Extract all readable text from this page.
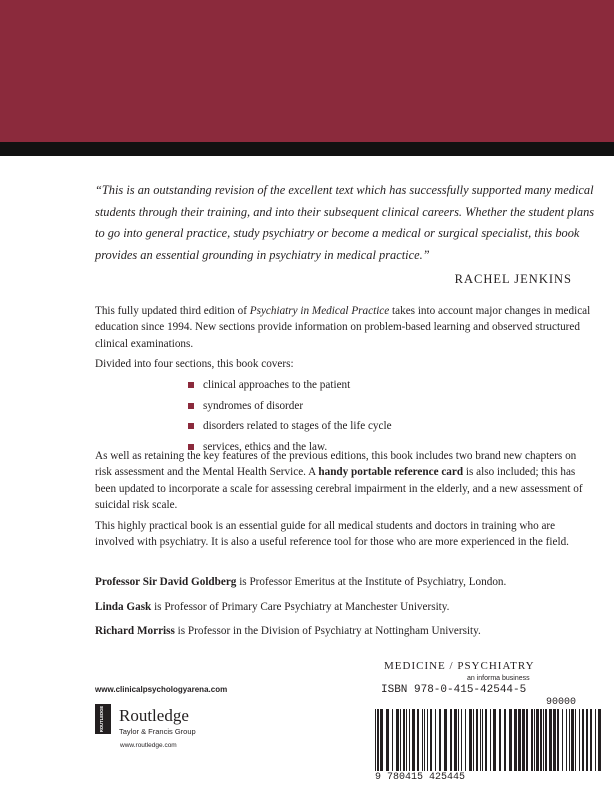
“This is an outstanding revision of the excellent text which has successfully supported many medical students through their training, and into their subsequent clinical careers. Whether the student plans to go into general practice, study psychiatry or become a medical or surgical specialist, this book provides an essential grounding in psychiatry in medical practice.”
RACHEL JENKINS

This fully updated third edition of Psychiatry in Medical Practice takes into account major changes in medical education since 1994. New sections provide information on problem-based learning and observed structured clinical examinations.

Divided into four sections, this book covers:

clinical approaches to the patient
syndromes of disorder
disorders related to stages of the life cycle
services, ethics and the law.

As well as retaining the key features of the previous editions, this book includes two brand new chapters on risk assessment and the Mental Health Service. A handy portable reference card is also included; this has been updated to incorporate a scale for assessing cerebral impairment in the elderly, and a new assessment of suicidal risk scale.

This highly practical book is an essential guide for all medical students and doctors in training who are involved with psychiatry. It is also a useful reference tool for those who are more experienced in the field.

Professor Sir David Goldberg is Professor Emeritus at the Institute of Psychiatry, London.

Linda Gask is Professor of Primary Care Psychiatry at Manchester University.

Richard Morriss is Professor in the Division of Psychiatry at Nottingham University.

MEDICINE / PSYCHIATRY
an informa business
ISBN 978-0-415-42544-5
90000
9 780415 425445
www.clinicalpsychologyarena.com
ROUTLEDGE Routledge
Taylor & Francis Group
www.routledge.com
